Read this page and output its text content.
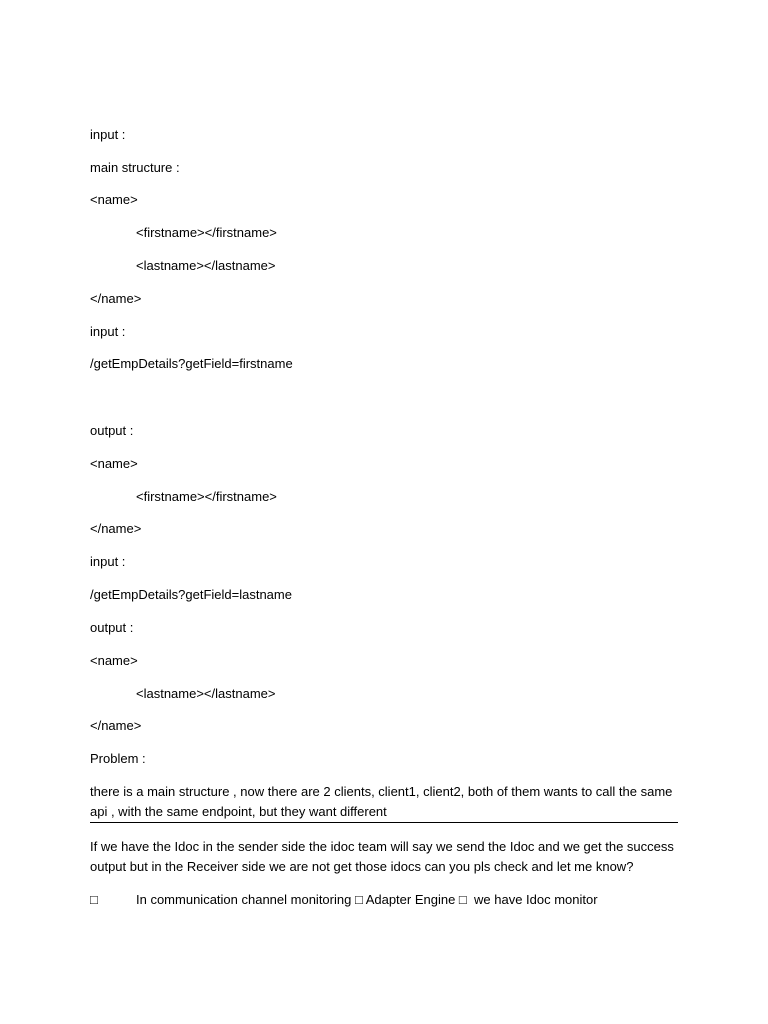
input :
main structure :
<name>
<firstname></firstname>
<lastname></lastname>
</name>
input :
/getEmpDetails?getField=firstname
output :
<name>
<firstname></firstname>
</name>
input :
/getEmpDetails?getField=lastname
output :
<name>
<lastname></lastname>
</name>
Problem :
there is a main structure , now there are 2 clients, client1, client2, both of them wants to call the same api , with the same endpoint, but they want different
If we have the Idoc in the sender side the idoc team will say we send the Idoc and we get the success output but in the Receiver side we are not get those idocs can you pls check and let me know?
□	In communication channel monitoring □ Adapter Engine □  we have Idoc monitor
